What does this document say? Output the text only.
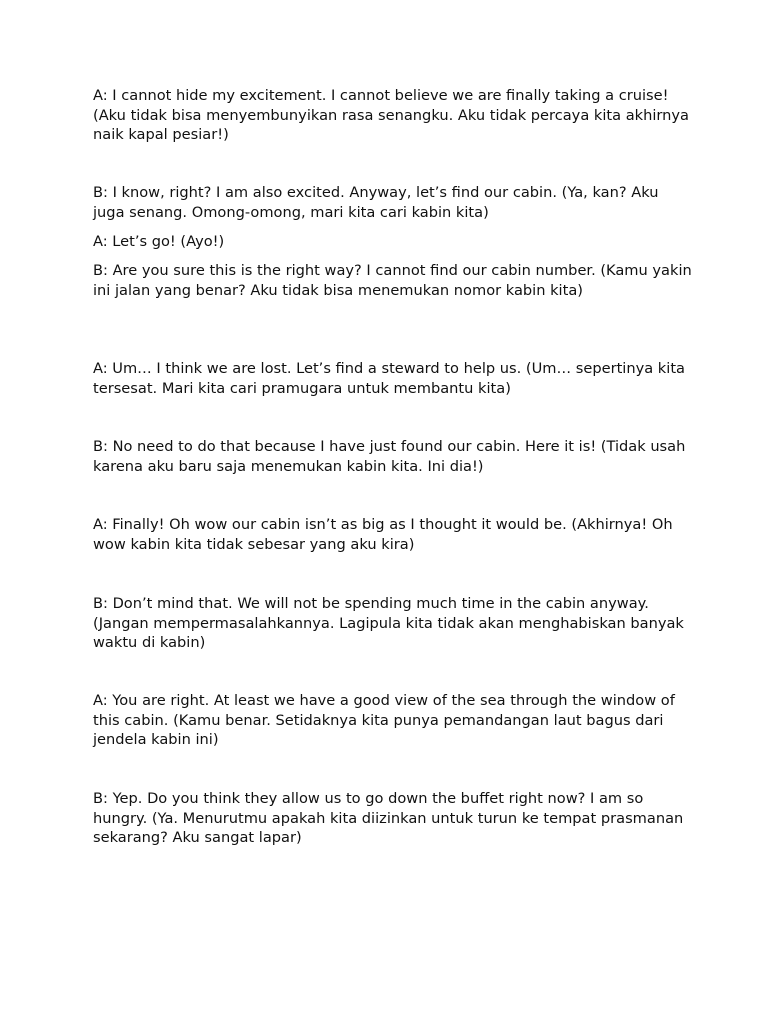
A: I cannot hide my excitement. I cannot believe we are finally taking a cruise! (Aku tidak bisa menyembunyikan rasa senangku. Aku tidak percaya kita akhirnya naik kapal pesiar!)

B: I know, right? I am also excited. Anyway, let’s find our cabin. (Ya, kan? Aku juga senang. Omong-omong, mari kita cari kabin kita)

A: Let’s go! (Ayo!)

B: Are you sure this is the right way? I cannot find our cabin number. (Kamu yakin ini jalan yang benar? Aku tidak bisa menemukan nomor kabin kita)

A: Um… I think we are lost. Let’s find a steward to help us. (Um… sepertinya kita tersesat. Mari kita cari pramugara untuk membantu kita)

B: No need to do that because I have just found our cabin. Here it is! (Tidak usah karena aku baru saja menemukan kabin kita. Ini dia!)

A: Finally! Oh wow our cabin isn’t as big as I thought it would be. (Akhirnya! Oh wow kabin kita tidak sebesar yang aku kira)

B: Don’t mind that. We will not be spending much time in the cabin anyway. (Jangan mempermasalahkannya. Lagipula kita tidak akan menghabiskan banyak waktu di kabin)

A: You are right. At least we have a good view of the sea through the window of this cabin. (Kamu benar. Setidaknya kita punya pemandangan laut bagus dari jendela kabin ini)

B: Yep. Do you think they allow us to go down the buffet right now? I am so hungry. (Ya. Menurutmu apakah kita diizinkan untuk turun ke tempat prasmanan sekarang? Aku sangat lapar)
